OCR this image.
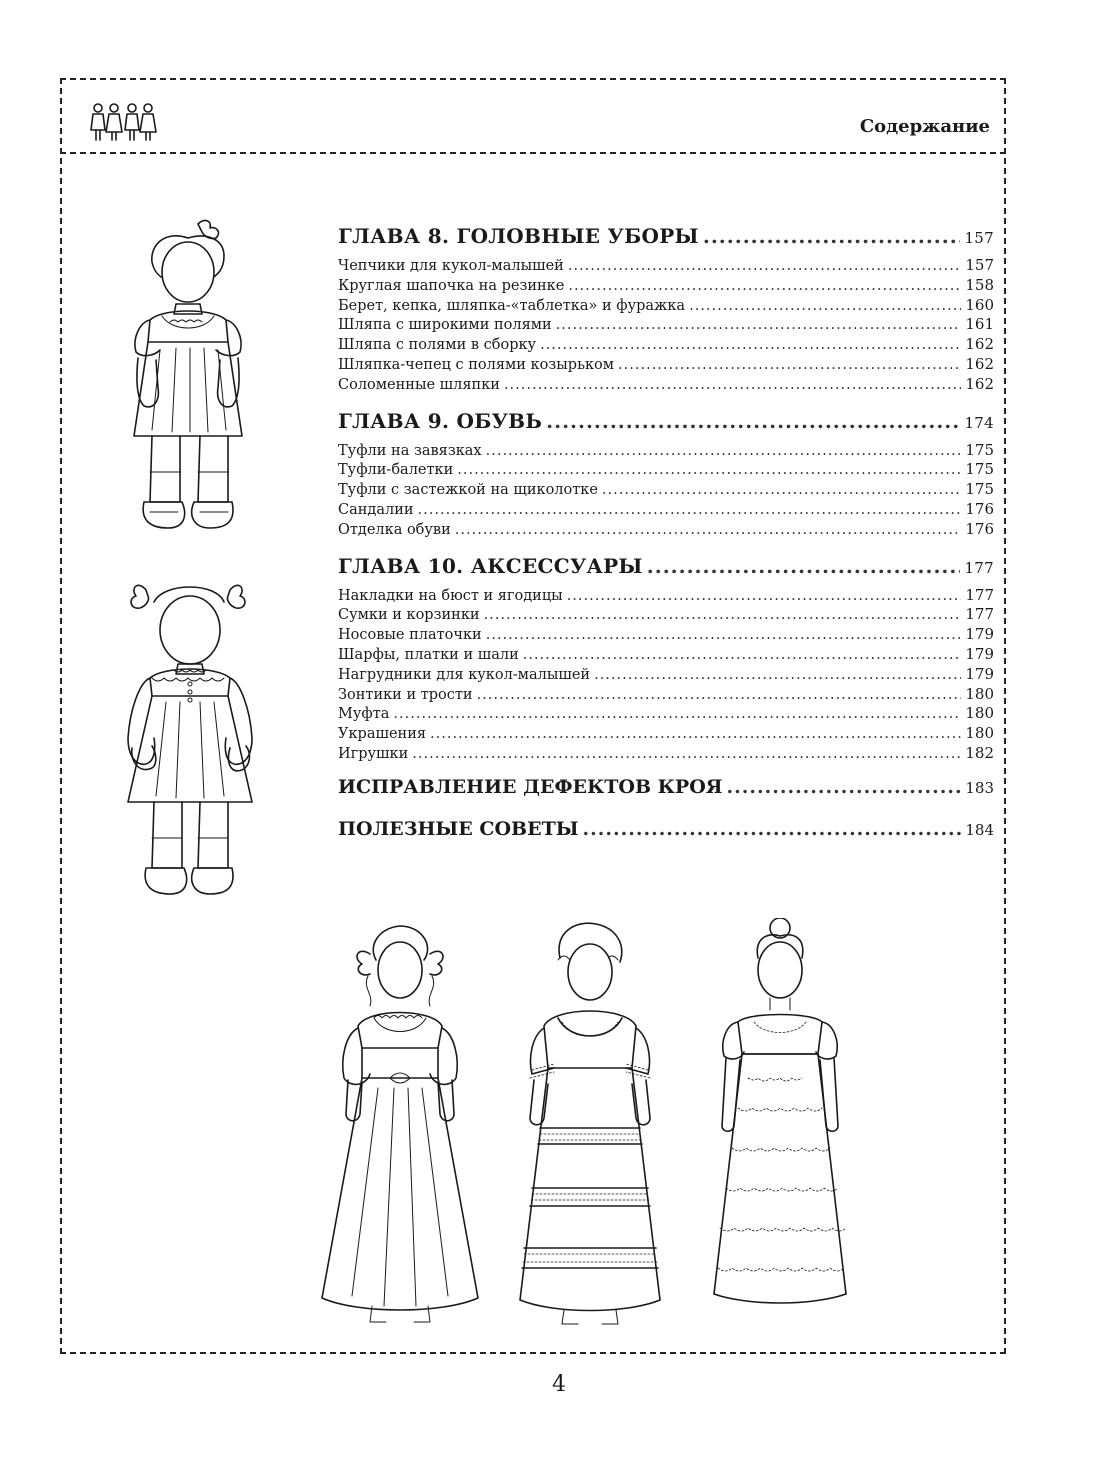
Содержание
ГЛАВА 8. ГОЛОВНЫЕ УБОРЫ .....	157
Чепчики для кукол-малышей .....	157
Круглая шапочка на резинке .....	158
Берет, кепка, шляпка-«таблетка» и фуражка .....	160
Шляпа с широкими полями .....	161
Шляпа с полями в сборку .....	162
Шляпка-чепец с полями козырьком .....	162
Соломенные шляпки .....	162
ГЛАВА 9. ОБУВЬ .....	174
Туфли на завязках .....	175
Туфли-балетки .....	175
Туфли с застежкой на щиколотке .....	175
Сандалии .....	176
Отделка обуви .....	176
ГЛАВА 10. АКСЕССУАРЫ .....	177
Накладки на бюст и ягодицы .....	177
Сумки и корзинки .....	177
Носовые платочки .....	179
Шарфы, платки и шали .....	179
Нагрудники для кукол-малышей .....	179
Зонтики и трости .....	180
Муфта .....	180
Украшения .....	180
Игрушки .....	182
ИСПРАВЛЕНИЕ ДЕФЕКТОВ КРОЯ .....	183
ПОЛЕЗНЫЕ СОВЕТЫ .....	184
4
